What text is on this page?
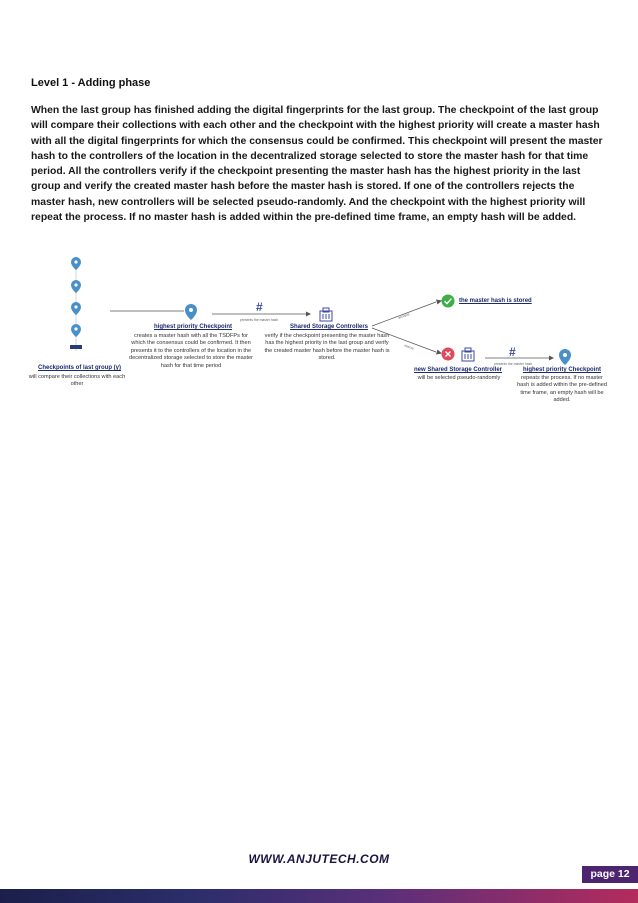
Level 1 - Adding phase
When the last group has finished adding the digital fingerprints for the last group. The checkpoint of the last group will compare their collections with each other and the checkpoint with the highest priority will create a master hash with all the digital fingerprints for which the consensus could be confirmed. This checkpoint will present the master hash to the controllers of the location in the decentralized storage selected to store the master hash for that time period. All the controllers verify if the checkpoint presenting the master hash has the highest priority in the last group and verify the created master hash before the master hash is stored. If one of the controllers rejects the master hash, new controllers will be selected pseudo-randomly. And the checkpoint with the highest priority will repeat the process. If no master hash is added within the pre-defined time frame, an empty hash will be added.
Checkpoints of last group (y)
will compare their collections with each other
highest priority Checkpoint
creates a master hash with all the TSDFPs for which the consensus could be confirmed. It then presents it to the controllers of the location in the decentralized storage selected to store the master hash for that time period
#
presents the master hash
Shared Storage Controllers
verify if the checkpoint presenting the master hash has the highest priority in the last group and verify the created master hash before the master hash is stored.
accepts
rejects
the master hash is stored
new Shared Storage Controller
will be selected pseudo-randomly
#
presents the master hash
highest priority Checkpoint
repeats the process. If no master hash is added within the pre-defined time frame, an empty hash will be added.
WWW.ANJUTECH.COM
page 12
